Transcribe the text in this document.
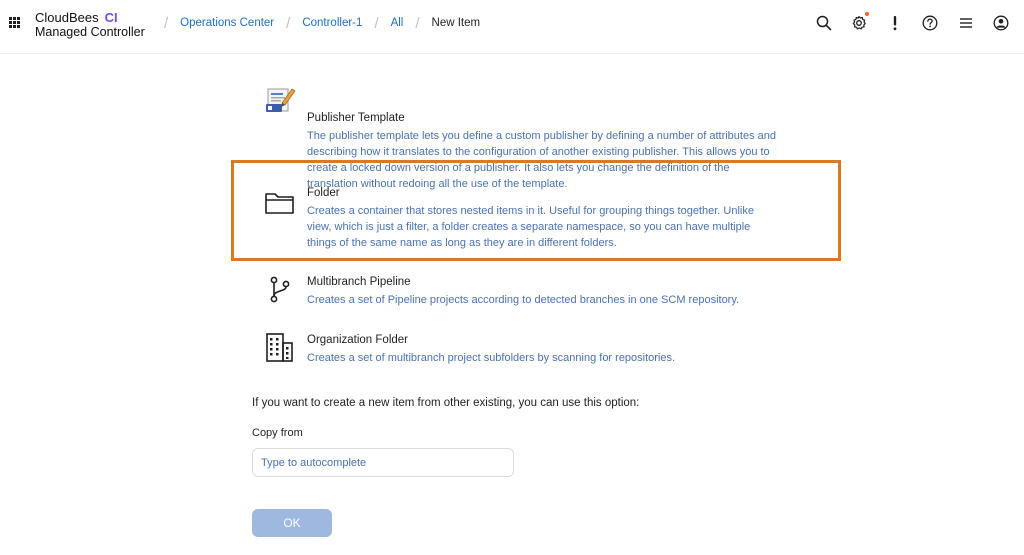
CloudBees CI
Managed Controller
/ Operations Center / Controller-1 / All / New Item
Publisher Template
The publisher template lets you define a custom publisher by defining a number of attributes and describing how it translates to the configuration of another existing publisher. This allows you to create a locked down version of a publisher. It also lets you change the definition of the translation without redoing all the use of the template.
Folder
Creates a container that stores nested items in it. Useful for grouping things together. Unlike view, which is just a filter, a folder creates a separate namespace, so you can have multiple things of the same name as long as they are in different folders.
Multibranch Pipeline
Creates a set of Pipeline projects according to detected branches in one SCM repository.
Organization Folder
Creates a set of multibranch project subfolders by scanning for repositories.
If you want to create a new item from other existing, you can use this option:
Copy from
Type to autocomplete
OK
